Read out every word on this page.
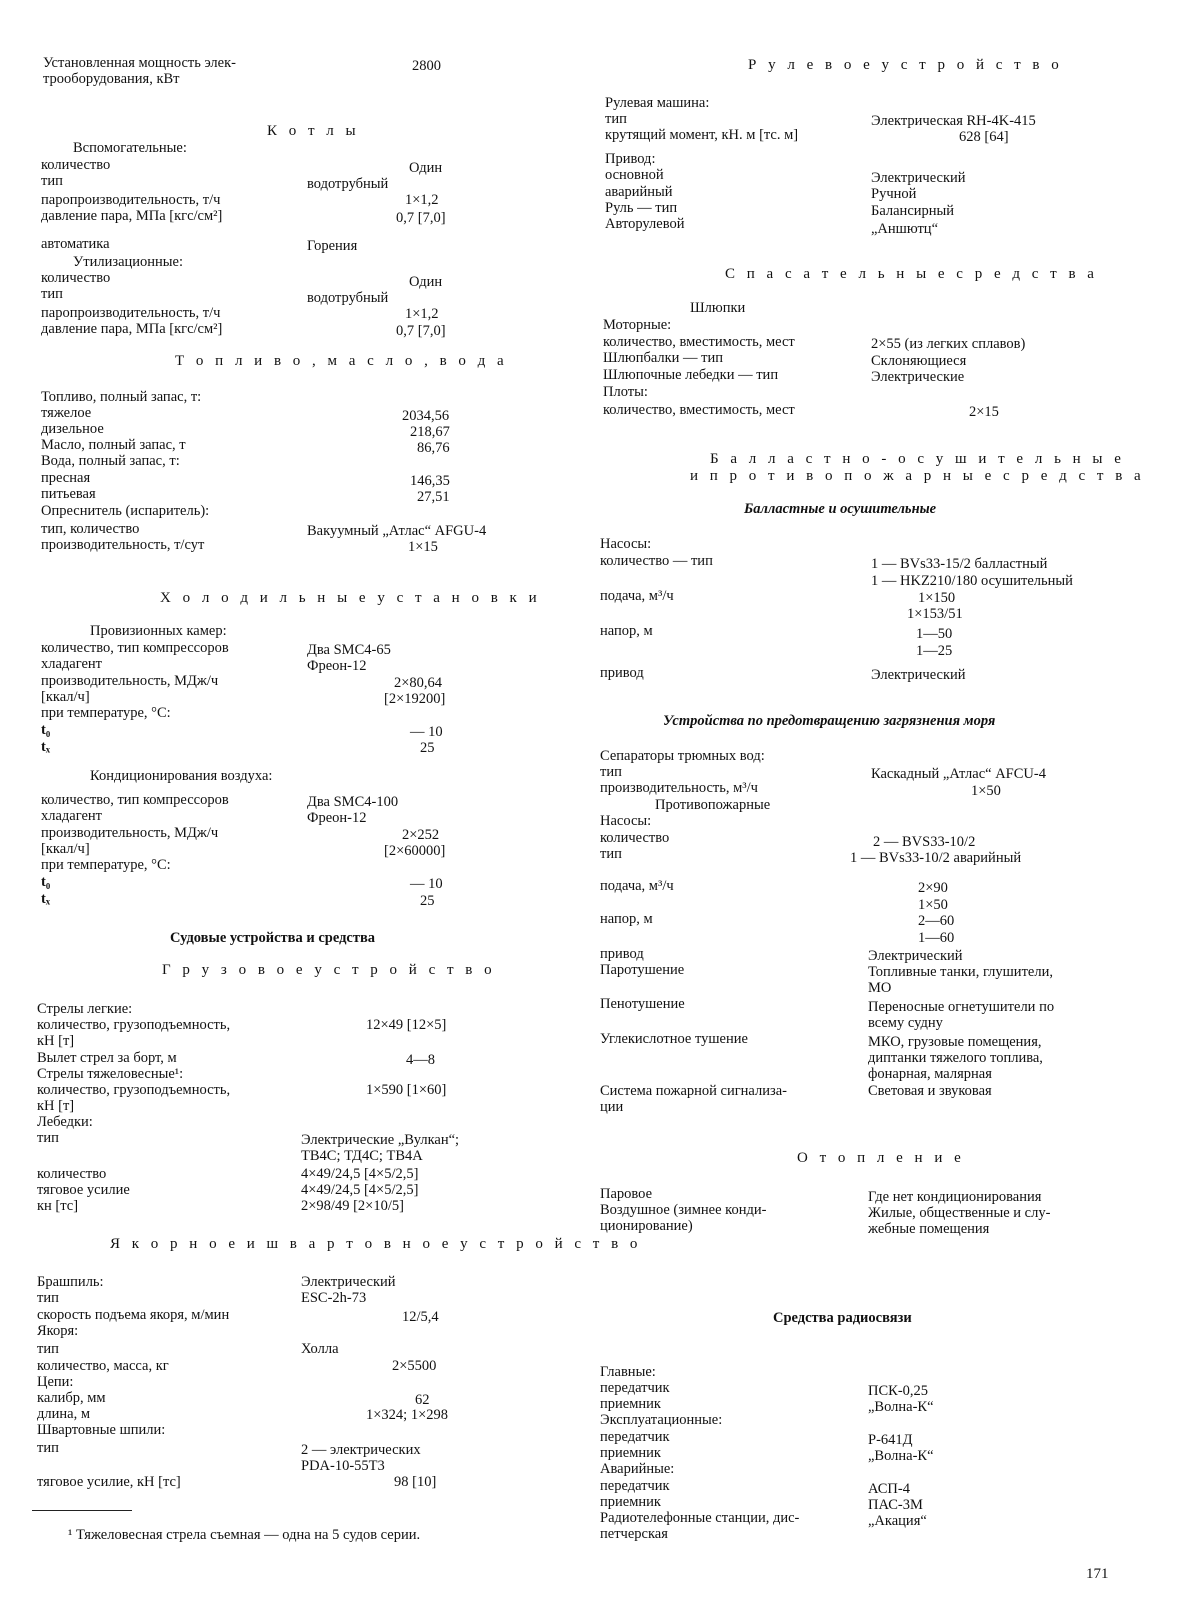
Установленная мощность элек-
трооборудования, кВт
2800
К о т л ы
Вспомогательные:
количество	Один
тип	водотрубный
паропроизводительность, т/ч	1×1,2
давление пара, МПа [кгс/см²]	0,7 [7,0]
автоматика	Горения
Утилизационные:
количество	Один
тип	водотрубный
паропроизводительность, т/ч	1×1,2
давление пара, МПа [кгс/см²]	0,7 [7,0]
Т о п л и в о , м а с л о , в о д а
Топливо, полный запас, т:
тяжелое	2034,56
дизельное	218,67
Масло, полный запас, т	86,76
Вода, полный запас, т:
пресная	146,35
питьевая	27,51
Опреснитель (испаритель):
тип, количество	Вакуумный „Атлас“ AFGU-4
производительность, т/сут	1×15
Х о л о д и л ь н ы е у с т а н о в к и
Провизионных камер:
количество, тип компрессоров	Два SMC4-65
хладагент	Фреон-12
производительность, МДж/ч	2×80,64
[ккал/ч]	[2×19200]
при температуре, °С:
t₀	— 10
tₓ	25
Кондиционирования воздуха:
количество, тип компрессоров	Два SMC4-100
хладагент	Фреон-12
производительность, МДж/ч	2×252
[ккал/ч]	[2×60000]
при температуре, °С:
t₀	— 10
tₓ	25
Судовые устройства и средства
Г р у з о в о е у с т р о й с т в о
Стрелы легкие:
количество, грузоподъемность,	12×49 [12×5]
кН [т]
Вылет стрел за борт, м	4—8
Стрелы тяжеловесные¹:
количество, грузоподъемность,	1×590 [1×60]
кН [т]
Лебедки:
тип	Электрические „Вулкан“;
ТВ4С; ТД4С; ТВ4А
количество	4×49/24,5 [4×5/2,5]
тяговое усилие	4×49/24,5 [4×5/2,5]
кн [тс]	2×98/49 [2×10/5]
Я к о р н о е и ш в а р т о в н о е у с т р о й с т в о
Брашпиль:	Электрический
тип	ESC-2h-73
скорость подъема якоря, м/мин	12/5,4
Якоря:
тип	Холла
количество, масса, кг	2×5500
Цепи:
калибр, мм	62
длина, м	1×324; 1×298
Швартовные шпили:
тип	2 — электрических
PDA-10-55Т3
тяговое усилие, кН [тс]	98 [10]
¹ Тяжеловесная стрела съемная — одна на 5 судов серии.
Р у л е в о е у с т р о й с т в о
Рулевая машина:
тип	Электрическая RH-4K-415
крутящий момент, кН. м [тс. м]	628 [64]
Привод:
основной	Электрический
аварийный	Ручной
Руль — тип	Балансирный
Авторулевой	„Аншютц“
С п а с а т е л ь н ы е с р е д с т в а
Шлюпки
Моторные:
количество, вместимость, мест	2×55 (из легких сплавов)
Шлюпбалки — тип	Склоняющиеся
Шлюпочные лебедки — тип	Электрические
Плоты:
количество, вместимость, мест	2×15
Б а л л а с т н о - о с у ш и т е л ь н ы е
и п р о т и в о п о ж а р н ы е с р е д с т в а
Балластные и осушительные
Насосы:
количество — тип	1 — BVs33-15/2 балластный
1 — HKZ210/180 осушительный
подача, м³/ч	1×150
1×153/51
напор, м	1—50
1—25
привод	Электрический
Устройства по предотвращению загрязнения моря
Сепараторы трюмных вод:
тип	Каскадный „Атлас“ AFCU-4
производительность, м³/ч	1×50
Противопожарные
Насосы:
количество	2 — BVS33-10/2
тип	1 — BVs33-10/2 аварийный
подача, м³/ч	2×90
1×50
напор, м	2—60
1—60
привод	Электрический
Паротушение	Топливные танки, глушители,
МО
Пенотушение	Переносные огнетушители по
всему судну
Углекислотное тушение	МКО, грузовые помещения,
диптанки тяжелого топлива,
фонарная, малярная
Система пожарной сигнализа-	Световая и звуковая
ции
О т о п л е н и е
Паровое	Где нет кондиционирования
Воздушное (зимнее конди-	Жилые, общественные и слу-
ционирование)	жебные помещения
Средства радиосвязи
Главные:
передатчик	ПСК-0,25
приемник	„Волна-К“
Эксплуатационные:
передатчик	Р-641Д
приемник	„Волна-К“
Аварийные:
передатчик	АСП-4
приемник	ПАС-3М
Радиотелефонные станции, дис-	„Акация“
петчерская
171
